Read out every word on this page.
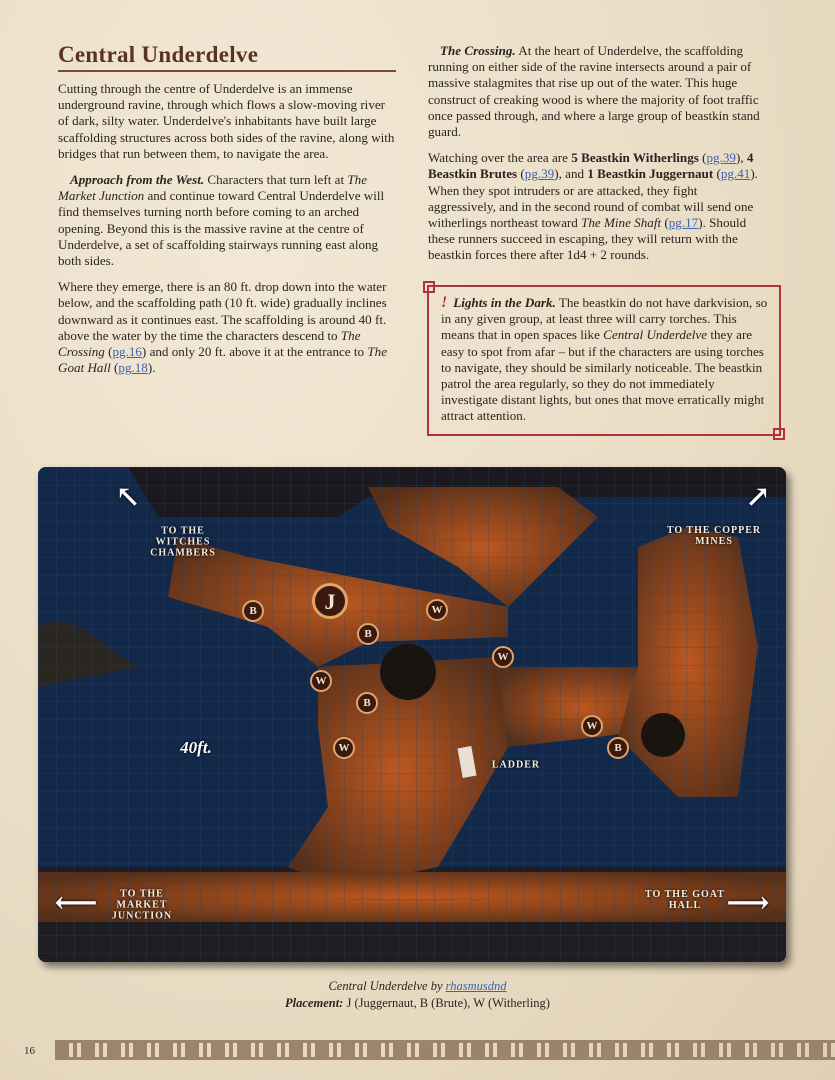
Central Underdelve

Cutting through the centre of Underdelve is an immense underground ravine, through which flows a slow-moving river of dark, silty water. Underdelve's inhabitants have built large scaffolding structures across both sides of the ravine, along with bridges that run between them, to navigate the area.

Approach from the West. Characters that turn left at The Market Junction and continue toward Central Underdelve will find themselves turning north before coming to an arched opening. Beyond this is the massive ravine at the centre of Underdelve, a set of scaffolding stairways running east along both sides.

Where they emerge, there is an 80 ft. drop down into the water below, and the scaffolding path (10 ft. wide) gradually inclines downward as it continues east. The scaffolding is around 40 ft. above the water by the time the characters descend to The Crossing (pg.16) and only 20 ft. above it at the entrance to The Goat Hall (pg.18).

The Crossing. At the heart of Underdelve, the scaffolding running on either side of the ravine intersects around a pair of massive stalagmites that rise up out of the water. This huge construct of creaking wood is where the majority of foot traffic once passed through, and where a large group of beastkin stand guard.

Watching over the area are 5 Beastkin Witherlings (pg.39), 4 Beastkin Brutes (pg.39), and 1 Beastkin Juggernaut (pg.41). When they spot intruders or are attacked, they fight aggressively, and in the second round of combat will send one witherlings northeast toward The Mine Shaft (pg.17). Should these runners succeed in escaping, they will return with the beastkin forces there after 1d4 + 2 rounds.

! Lights in the Dark. The beastkin do not have darkvision, so in any given group, at least three will carry torches. This means that in open spaces like Central Underdelve they are easy to spot from afar – but if the characters are using torches to navigate, they should be similarly noticeable. The beastkin patrol the area regularly, so they do not immediately investigate distant lights, but ones that move erratically might attract attention.
↖	↗
⟵	⟶
TO THE WITCHES CHAMBERS
TO THE COPPER MINES
TO THE MARKET JUNCTION
TO THE GOAT HALL
40ft.
LADDER
J
B
B
W
W
W
B
W
W
B
Central Underdelve by rhasmusdnd
Placement: J (Juggernaut, B (Brute), W (Witherling)
16
